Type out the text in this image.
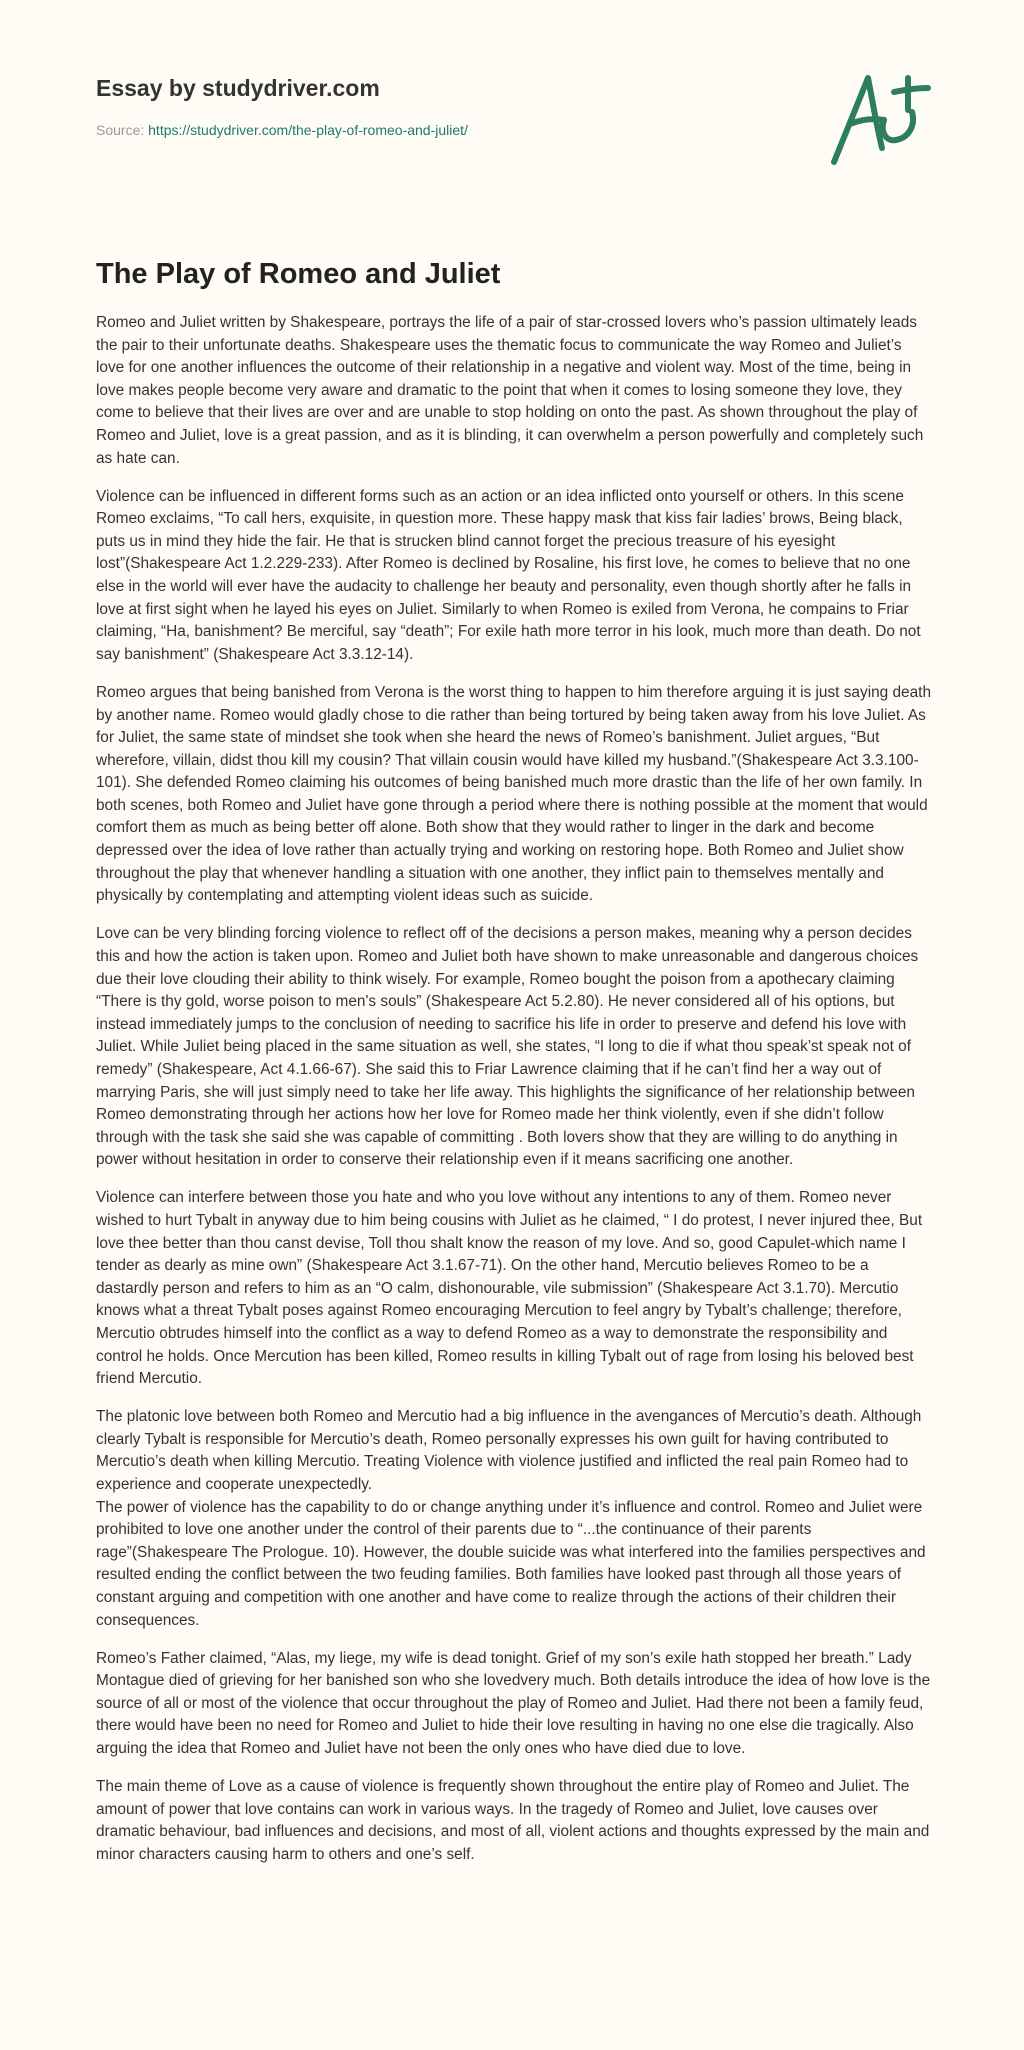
Essay by studydriver.com
Source: https://studydriver.com/the-play-of-romeo-and-juliet/
The Play of Romeo and Juliet

Romeo and Juliet written by Shakespeare, portrays the life of a pair of star-crossed lovers who’s passion ultimately leads the pair to their unfortunate deaths. Shakespeare uses the thematic focus to communicate the way Romeo and Juliet’s love for one another influences the outcome of their relationship in a negative and violent way. Most of the time, being in love makes people become very aware and dramatic to the point that when it comes to losing someone they love, they come to believe that their lives are over and are unable to stop holding on onto the past. As shown throughout the play of Romeo and Juliet, love is a great passion, and as it is blinding, it can overwhelm a person powerfully and completely such as hate can.

Violence can be influenced in different forms such as an action or an idea inflicted onto yourself or others. In this scene Romeo exclaims, “To call hers, exquisite, in question more. These happy mask that kiss fair ladies’ brows, Being black, puts us in mind they hide the fair. He that is strucken blind cannot forget the precious treasure of his eyesight lost”(Shakespeare Act 1.2.229-233). After Romeo is declined by Rosaline, his first love, he comes to believe that no one else in the world will ever have the audacity to challenge her beauty and personality, even though shortly after he falls in love at first sight when he layed his eyes on Juliet. Similarly to when Romeo is exiled from Verona, he compains to Friar claiming, “Ha, banishment? Be merciful, say “death”; For exile hath more terror in his look, much more than death. Do not say banishment” (Shakespeare Act 3.3.12-14).

Romeo argues that being banished from Verona is the worst thing to happen to him therefore arguing it is just saying death by another name. Romeo would gladly chose to die rather than being tortured by being taken away from his love Juliet. As for Juliet, the same state of mindset she took when she heard the news of Romeo’s banishment. Juliet argues, “But wherefore, villain, didst thou kill my cousin? That villain cousin would have killed my husband.”(Shakespeare Act 3.3.100-101). She defended Romeo claiming his outcomes of being banished much more drastic than the life of her own family. In both scenes, both Romeo and Juliet have gone through a period where there is nothing possible at the moment that would comfort them as much as being better off alone. Both show that they would rather to linger in the dark and become depressed over the idea of love rather than actually trying and working on restoring hope. Both Romeo and Juliet show throughout the play that whenever handling a situation with one another, they inflict pain to themselves mentally and physically by contemplating and attempting violent ideas such as suicide.

Love can be very blinding forcing violence to reflect off of the decisions a person makes, meaning why a person decides this and how the action is taken upon. Romeo and Juliet both have shown to make unreasonable and dangerous choices due their love clouding their ability to think wisely. For example, Romeo bought the poison from a apothecary claiming “There is thy gold, worse poison to men's souls” (Shakespeare Act 5.2.80). He never considered all of his options, but instead immediately jumps to the conclusion of needing to sacrifice his life in order to preserve and defend his love with Juliet. While Juliet being placed in the same situation as well, she states, “I long to die if what thou speak’st speak not of remedy” (Shakespeare, Act 4.1.66-67). She said this to Friar Lawrence claiming that if he can’t find her a way out of marrying Paris, she will just simply need to take her life away. This highlights the significance of her relationship between Romeo demonstrating through her actions how her love for Romeo made her think violently, even if she didn’t follow through with the task she said she was capable of committing . Both lovers show that they are willing to do anything in power without hesitation in order to conserve their relationship even if it means sacrificing one another.

Violence can interfere between those you hate and who you love without any intentions to any of them. Romeo never wished to hurt Tybalt in anyway due to him being cousins with Juliet as he claimed, “ I do protest, I never injured thee, But love thee better than thou canst devise, Toll thou shalt know the reason of my love. And so, good Capulet-which name I tender as dearly as mine own” (Shakespeare Act 3.1.67-71). On the other hand, Mercutio believes Romeo to be a dastardly person and refers to him as an “O calm, dishonourable, vile submission” (Shakespeare Act 3.1.70). Mercutio knows what a threat Tybalt poses against Romeo encouraging Mercution to feel angry by Tybalt’s challenge; therefore, Mercutio obtrudes himself into the conflict as a way to defend Romeo as a way to demonstrate the responsibility and control he holds. Once Mercution has been killed, Romeo results in killing Tybalt out of rage from losing his beloved best friend Mercutio.

The platonic love between both Romeo and Mercutio had a big influence in the avengances of Mercutio’s death. Although clearly Tybalt is responsible for Mercutio’s death, Romeo personally expresses his own guilt for having contributed to Mercutio’s death when killing Mercutio. Treating Violence with violence justified and inflicted the real pain Romeo had to experience and cooperate unexpectedly.

The power of violence has the capability to do or change anything under it’s influence and control. Romeo and Juliet were prohibited to love one another under the control of their parents due to “...the continuance of their parents rage”(Shakespeare The Prologue. 10). However, the double suicide was what interfered into the families perspectives and resulted ending the conflict between the two feuding families. Both families have looked past through all those years of constant arguing and competition with one another and have come to realize through the actions of their children their consequences.

Romeo’s Father claimed, “Alas, my liege, my wife is dead tonight. Grief of my son’s exile hath stopped her breath.” Lady Montague died of grieving for her banished son who she lovedvery much. Both details introduce the idea of how love is the source of all or most of the violence that occur throughout the play of Romeo and Juliet. Had there not been a family feud, there would have been no need for Romeo and Juliet to hide their love resulting in having no one else die tragically. Also arguing the idea that Romeo and Juliet have not been the only ones who have died due to love.

The main theme of Love as a cause of violence is frequently shown throughout the entire play of Romeo and Juliet. The amount of power that love contains can work in various ways. In the tragedy of Romeo and Juliet, love causes over dramatic behaviour, bad influences and decisions, and most of all, violent actions and thoughts expressed by the main and minor characters causing harm to others and one’s self.
